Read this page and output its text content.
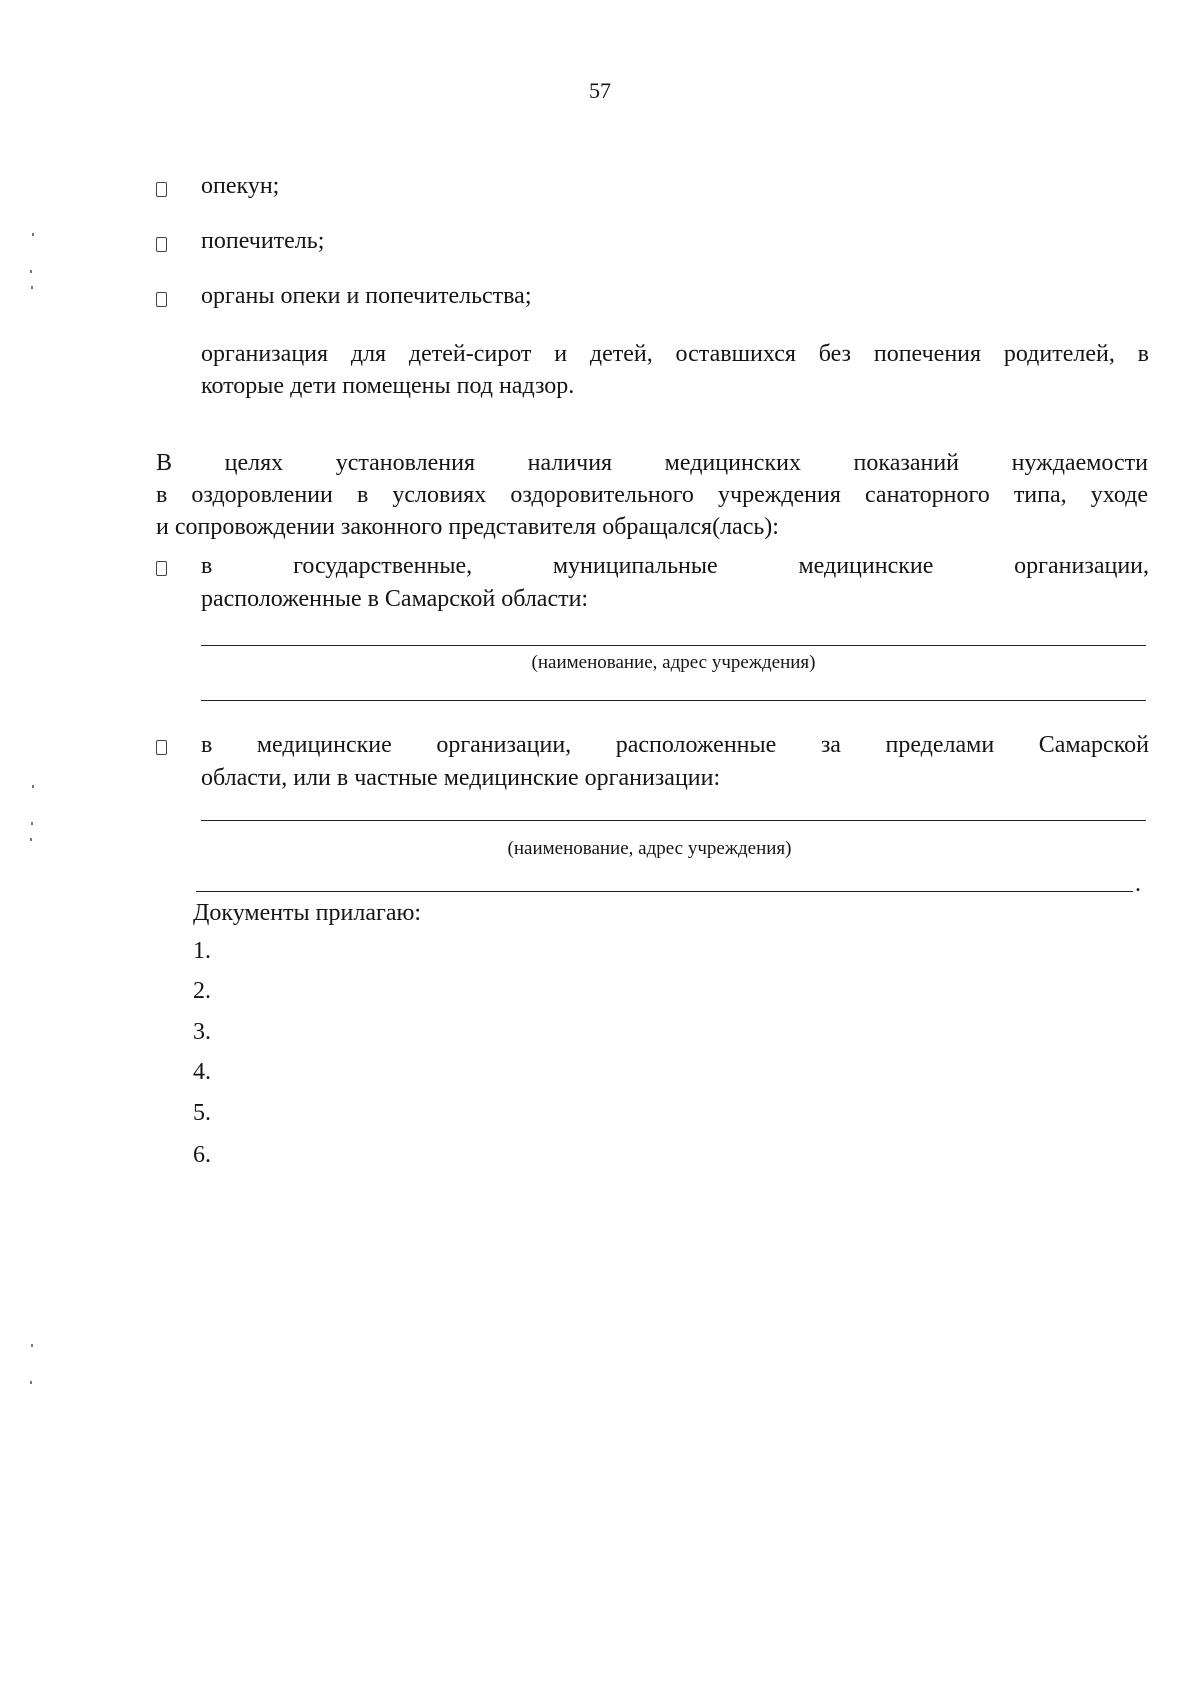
57
опекун;
попечитель;
органы опеки и попечительства;
организация для детей-сирот и детей, оставшихся без попечения родителей, в
которые дети помещены под надзор.
В целях установления наличия медицинских показаний нуждаемости
в оздоровлении в условиях оздоровительного учреждения санаторного типа, уходе
и сопровождении законного представителя обращался(лась):
в государственные, муниципальные медицинские организации,
расположенные в Самарской области:
(наименование, адрес учреждения)
в медицинские организации, расположенные за пределами Самарской
области, или в частные медицинские организации:
(наименование, адрес учреждения)
.
Документы прилагаю:
1.
2.
3.
4.
5.
6.
